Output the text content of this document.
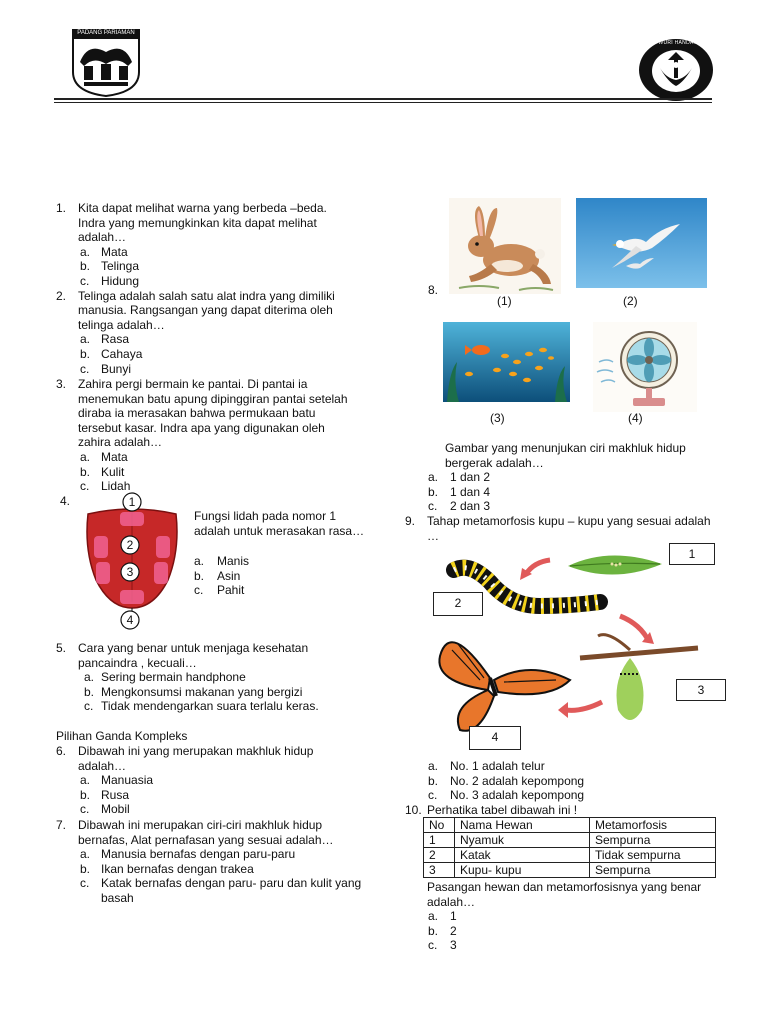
PADANG PARIAMAN
TUT WURI HANDAYANI
1. Kita dapat melihat warna yang berbeda –beda.
Indra yang memungkinkan kita dapat melihat
adalah…
a. Mata
b. Telinga
c. Hidung
2. Telinga adalah salah satu alat indra yang dimiliki
manusia. Rangsangan yang dapat diterima oleh
telinga adalah…
a. Rasa
b. Cahaya
c. Bunyi
3. Zahira pergi bermain ke pantai. Di pantai ia
menemukan batu apung dipinggiran pantai setelah
diraba ia merasakan bahwa permukaan batu
tersebut kasar. Indra apa yang digunakan oleh
zahira adalah…
a. Mata
b. Kulit
c. Lidah
4.	1
2
3
4
Fungsi lidah pada nomor 1
adalah untuk merasakan rasa…
a. Manis
b. Asin
c. Pahit
5. Cara yang benar untuk menjaga kesehatan
pancaindra , kecuali…
a. Sering bermain handphone
b. Mengkonsumsi makanan yang bergizi
c. Tidak mendengarkan suara terlalu keras.
Pilihan Ganda Kompleks
6. Dibawah ini yang merupakan makhluk hidup
adalah…
a. Manuasia
b. Rusa
c. Mobil
7. Dibawah ini merupakan ciri-ciri makhluk hidup
bernafas, Alat pernafasan yang sesuai adalah…
a. Manusia bernafas dengan paru-paru
b. Ikan bernafas dengan trakea
c. Katak bernafas dengan paru- paru dan kulit yang
basah
8.
(1)	(2)
(3)	(4)
Gambar yang menunjukan ciri makhluk hidup
bergerak adalah…
a. 1 dan 2
b. 1 dan 4
c. 2 dan 3
9. Tahap metamorfosis kupu – kupu yang sesuai adalah
…
1
2
3
4
a. No. 1 adalah telur
b. No. 2 adalah kepompong
c. No. 3 adalah kepompong
10. Perhatika tabel dibawah ini !
No	Nama Hewan	Metamorfosis
1	Nyamuk	Sempurna
2	Katak	Tidak sempurna
3	Kupu- kupu	Sempurna
Pasangan hewan dan metamorfosisnya yang benar
adalah…
a. 1
b. 2
c. 3
